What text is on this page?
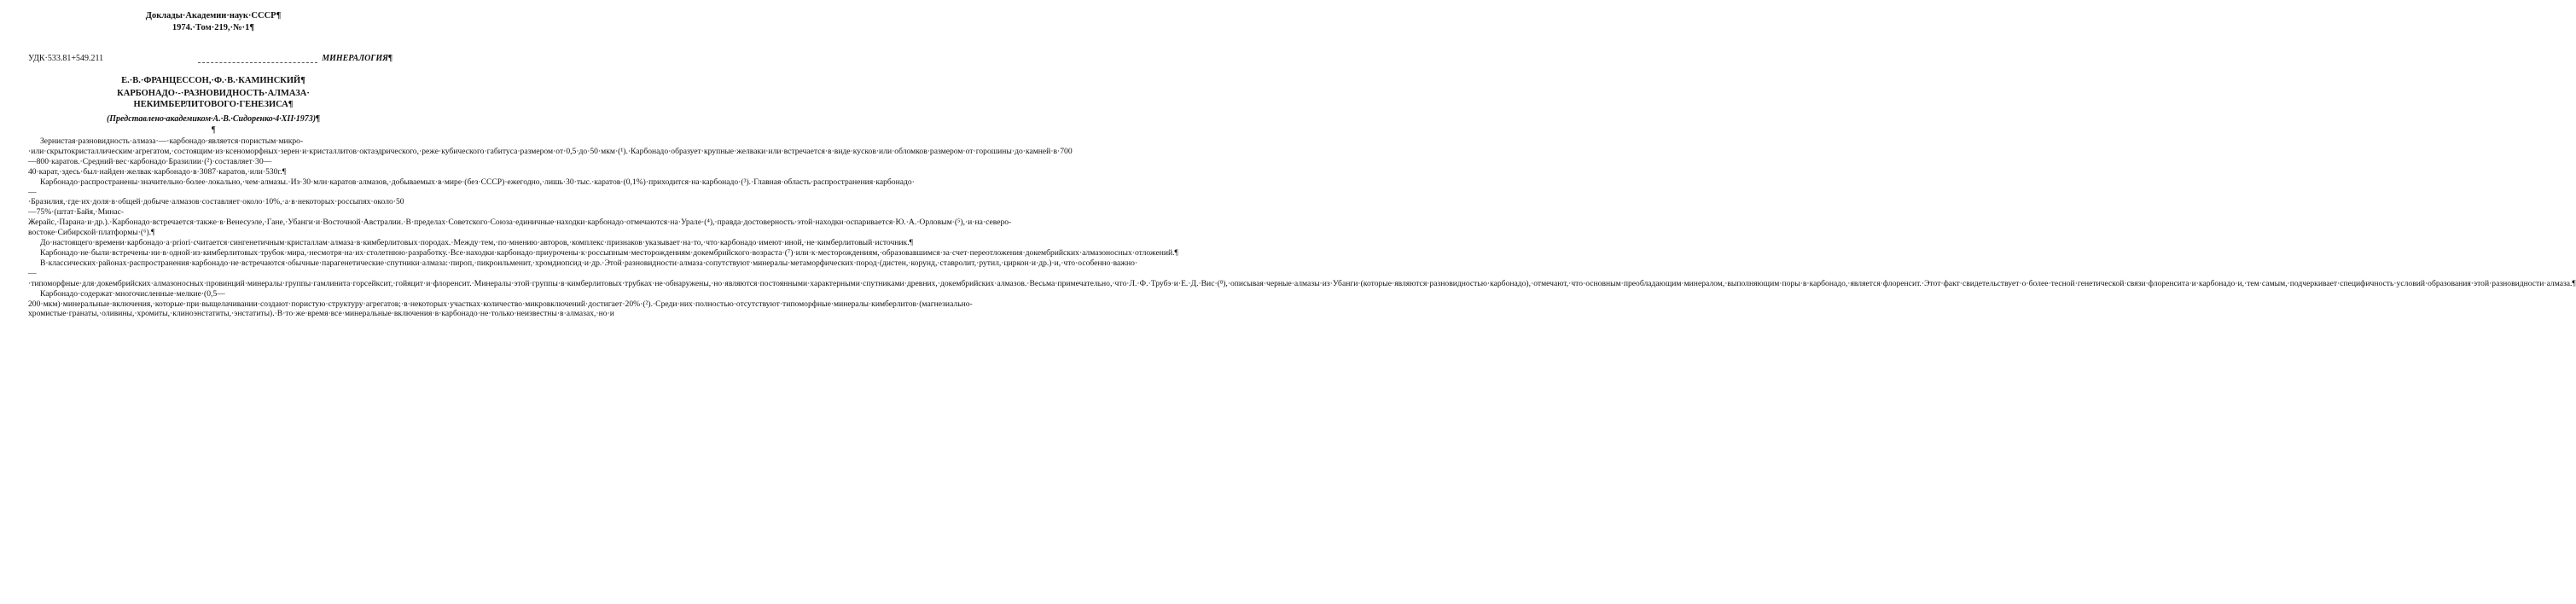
Доклады·Академии·наук·СССР¶
1974.·Том·219,·№·1¶
УДК·533.81+549.211	МИНЕРАЛОГИЯ¶
Е.·В.·ФРАНЦЕССОН,·Ф.·В.·КАМИНСКИЙ¶
КАРБОНАДО·-·РАЗНОВИДНОСТЬ·АЛМАЗА·
НЕКИМБЕРЛИТОВОГО·ГЕНЕЗИСА¶
(Представлено·академиком·А.·В.·Сидоренко·4·XII·1973)¶
¶

Зернистая·разновидность·алмаза·—·карбонадо·является·пористым·микро-·или·скрытокристаллическим·агрегатом,·состоящим·из·ксеноморфных·зерен·и·кристаллитов·октаэдрического,·реже·кубического·габитуса·размером·от·0,5·до·50·мкм·(¹).·Карбонадо·образует·крупные·желваки·или·встречается·в·виде·кусков·или·обломков·размером·от·горошины·до·камней·в·700—800·каратов.·Средний·вес·карбонадо·Бразилии·(²)·составляет·30—40·карат,·здесь·был·найден·желвак·карбонадо·в·3087·каратов,·или·530г.¶

Карбонадо·распространены·значительно·более·локально,·чем·алмазы.·Из·30·млн·каратов·алмазов,·добываемых·в·мире·(без·СССР)·ежегодно,·лишь·30·тыс.·каратов·(0,1%)·приходится·на·карбонадо·(³).·Главная·область·распространения·карбонадо·—·Бразилия,·где·их·доля·в·общей·добыче·алмазов·составляет·около·10%,·а·в·некоторых·россыпях·около·50—75%·(штат·Байя,·Минас-Жерайс,·Парана·и·др.).·Карбонадо·встречается·также·в·Венесуэле,·Гане,·Убанги·и·Восточной·Австралии.·В·пределах·Советского·Союза·единичные·находки·карбонадо·отмечаются·на·Урале·(⁴),·правда·достоверность·этой·находки·оспаривается·Ю.·А.·Орловым·(⁵),·и·на·северо-востоке·Сибирской·платформы·(⁶).¶

До·настоящего·времени·карбонадо·а·priori·считается·сингенетичным·кристаллам·алмаза·в·кимберлитовых·породах.·Между·тем,·по·мнению·авторов,·комплекс·признаков·указывает·на·то,·что·карбонадо·имеют·иной,·не·кимберлитовый·источник.¶

Карбонадо·не·были·встречены·ни·в·одной·из·кимберлитовых·трубок·мира,·несмотря·на·их·столетнюю·разработку.·Все·находки·карбонадо·приурочены·к·россыпным·месторождениям·докембрийского·возраста·(⁷)·или·к·месторождениям,·образовавшимся·за·счет·переотложения·докембрийских·алмазоносных·отложений.¶

В·классических·районах·распространения·карбонадо·не·встречаются·обычные·парагенетические·спутники·алмаза:·пироп,·пикроильменит,·хромдиопсид·и·др.·Этой·разновидности·алмаза·сопутствуют·минералы·метаморфических·пород·(дистен,·корунд,·ставролит,·рутил,·циркон·и·др.)·и,·что·особенно·важно·—·типоморфные·для·докембрийских·алмазоносных·провинций·минералы·группы·гамлинита·горсейксит,·гойяцит·и·флоренсит.·Минералы·этой·группы·в·кимберлитовых·трубках·не·обнаружены,·но·являются·постоянными·характерными·спутниками·древних,·докембрийских·алмазов.·Весьма·примечательно,·что·Л.·Ф.·Трубэ·и·Е.·Д.·Вис·(⁸),·описывая·черные·алмазы·из·Убанги·(которые·являются·разновидностью·карбонадо),·отмечают,·что·основным·преобладающим·минералом,·выполняющим·поры·в·карбонадо,·является·флоренсит.·Этот·факт·свидетельствует·о·более·тесной·генетической·связи·флоренсита·и·карбонадо·и,·тем·самым,·подчеркивает·специфичность·условий·образования·этой·разновидности·алмаза.¶

Карбонадо·содержат·многочисленные·мелкие·(0,5—200·мкм)·минеральные·включения,·которые·при·выщелачивании·создают·пористую·структуру·агрегатов;·в·некоторых·участках·количество·микровключений·достигает·20%·(²).·Среди·них·полностью·отсутствуют·типоморфные·минералы·кимберлитов·(магнезиально-хромистые·гранаты,·оливины,·хромиты,·клиноэнстатиты,·энстатиты).·В·то·же·время·все·минеральные·включения·в·карбонадо·не·только·неизвестны·в·алмазах,·но·и
